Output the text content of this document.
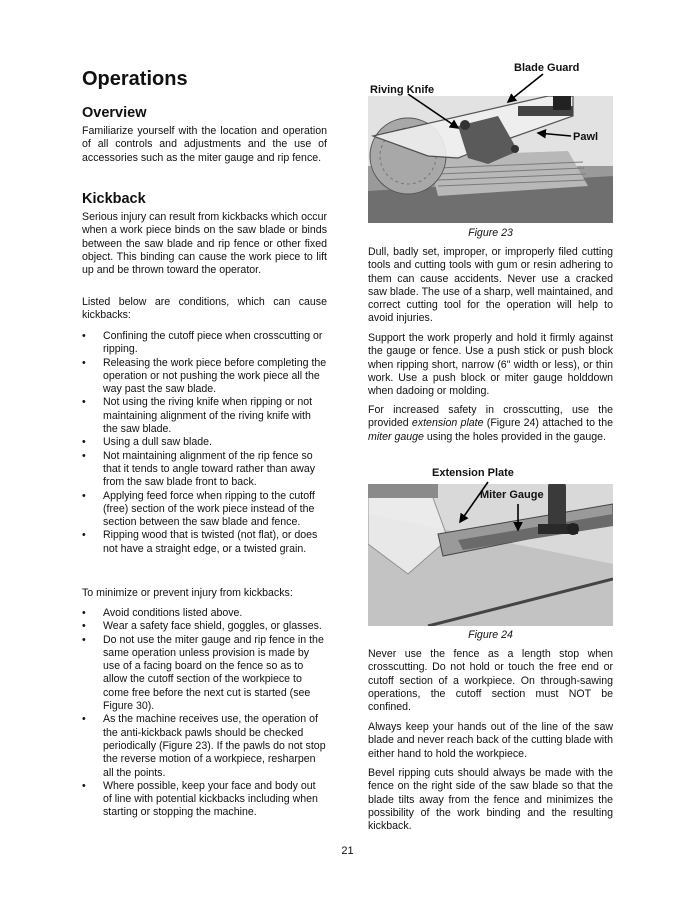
Operations
Overview

Familiarize yourself with the location and operation of all controls and adjustments and the use of accessories such as the miter gauge and rip fence.

Kickback

Serious injury can result from kickbacks which occur when a work piece binds on the saw blade or binds between the saw blade and rip fence or other fixed object. This binding can cause the work piece to lift up and be thrown toward the operator.

Listed below are conditions, which can cause kickbacks:

• Confining the cutoff piece when crosscutting or ripping.
• Releasing the work piece before completing the operation or not pushing the work piece all the way past the saw blade.
• Not using the riving knife when ripping or not maintaining alignment of the riving knife with the saw blade.
• Using a dull saw blade.
• Not maintaining alignment of the rip fence so that it tends to angle toward rather than away from the saw blade front to back.
• Applying feed force when ripping to the cutoff (free) section of the work piece instead of the section between the saw blade and fence.
• Ripping wood that is twisted (not flat), or does not have a straight edge, or a twisted grain.

To minimize or prevent injury from kickbacks:

• Avoid conditions listed above.
• Wear a safety face shield, goggles, or glasses.
• Do not use the miter gauge and rip fence in the same operation unless provision is made by use of a facing board on the fence so as to allow the cutoff section of the workpiece to come free before the next cut is started (see Figure 30).
• As the machine receives use, the operation of the anti-kickback pawls should be checked periodically (Figure 23). If the pawls do not stop the reverse motion of a workpiece, resharpen all the points.
• Where possible, keep your face and body out of line with potential kickbacks including when starting or stopping the machine.
Blade Guard
Riving Knife
Pawl
Figure 23

Dull, badly set, improper, or improperly filed cutting tools and cutting tools with gum or resin adhering to them can cause accidents. Never use a cracked saw blade. The use of a sharp, well maintained, and correct cutting tool for the operation will help to avoid injuries.

Support the work properly and hold it firmly against the gauge or fence. Use a push stick or push block when ripping short, narrow (6" width or less), or thin work. Use a push block or miter gauge holddown when dadoing or molding.

For increased safety in crosscutting, use the provided extension plate (Figure 24) attached to the miter gauge using the holes provided in the gauge.

Extension Plate
Miter Gauge
Figure 24

Never use the fence as a length stop when crosscutting. Do not hold or touch the free end or cutoff section of a workpiece. On through-sawing operations, the cutoff section must NOT be confined.

Always keep your hands out of the line of the saw blade and never reach back of the cutting blade with either hand to hold the workpiece.

Bevel ripping cuts should always be made with the fence on the right side of the saw blade so that the blade tilts away from the fence and minimizes the possibility of the work binding and the resulting kickback.

21
